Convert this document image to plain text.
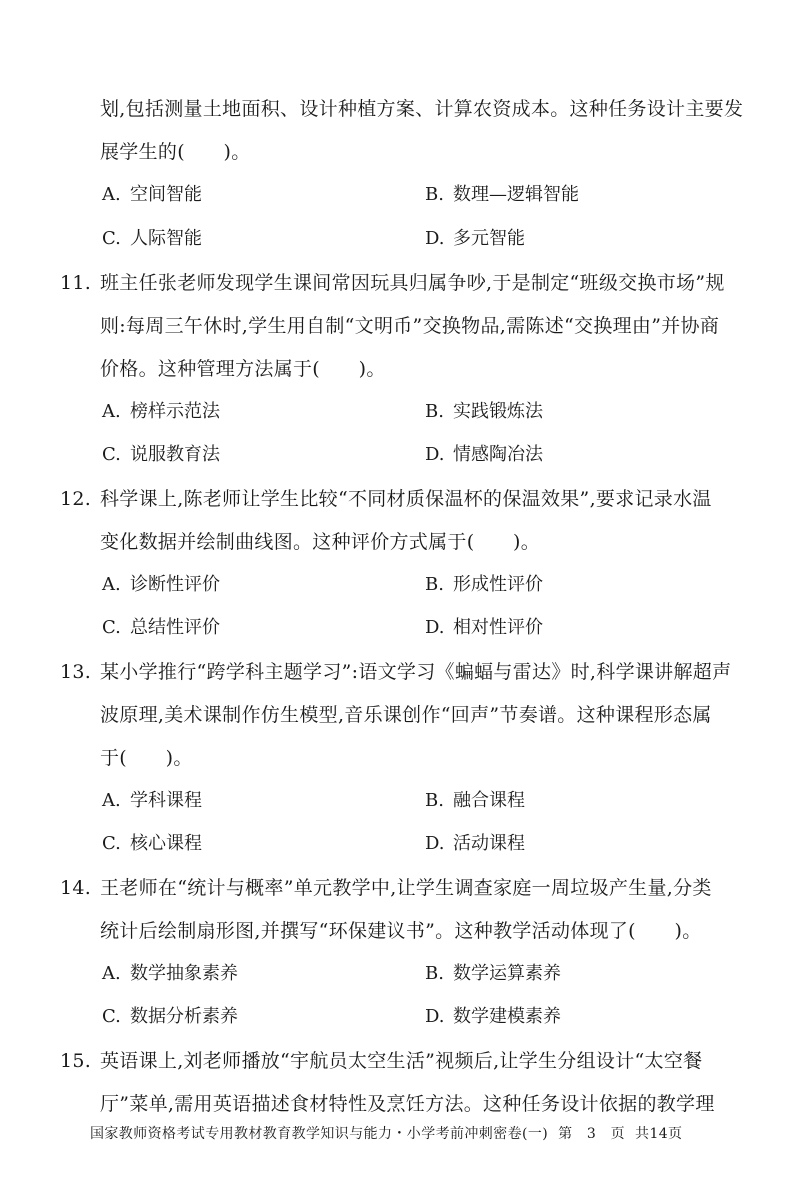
划,包括测量土地面积、设计种植方案、计算农资成本。这种任务设计主要发
展学生的(　　)。
A. 空间智能	B. 数理—逻辑智能
C. 人际智能	D. 多元智能
11. 班主任张老师发现学生课间常因玩具归属争吵,于是制定“班级交换市场”规
则:每周三午休时,学生用自制“文明币”交换物品,需陈述“交换理由”并协商
价格。这种管理方法属于(　　)。
A. 榜样示范法	B. 实践锻炼法
C. 说服教育法	D. 情感陶冶法
12. 科学课上,陈老师让学生比较“不同材质保温杯的保温效果”,要求记录水温
变化数据并绘制曲线图。这种评价方式属于(　　)。
A. 诊断性评价	B. 形成性评价
C. 总结性评价	D. 相对性评价
13. 某小学推行“跨学科主题学习”:语文学习《蝙蝠与雷达》时,科学课讲解超声
波原理,美术课制作仿生模型,音乐课创作“回声”节奏谱。这种课程形态属
于(　　)。
A. 学科课程	B. 融合课程
C. 核心课程	D. 活动课程
14. 王老师在“统计与概率”单元教学中,让学生调查家庭一周垃圾产生量,分类
统计后绘制扇形图,并撰写“环保建议书”。这种教学活动体现了(　　)。
A. 数学抽象素养	B. 数学运算素养
C. 数据分析素养	D. 数学建模素养
15. 英语课上,刘老师播放“宇航员太空生活”视频后,让学生分组设计“太空餐
厅”菜单,需用英语描述食材特性及烹饪方法。这种任务设计依据的教学理
国家教师资格考试专用教材教育教学知识与能力・小学考前冲刺密卷(一) 第　3　页 共14页
